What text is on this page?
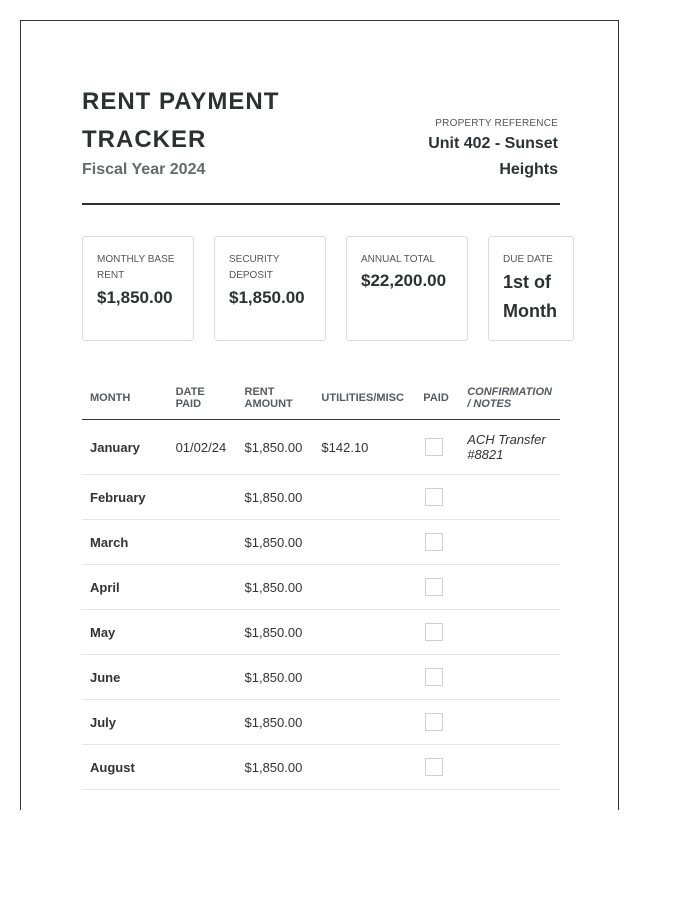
RENT PAYMENT TRACKER
Fiscal Year 2024
PROPERTY REFERENCE
Unit 402 - Sunset Heights
MONTHLY BASE RENT
$1,850.00
SECURITY DEPOSIT
$1,850.00
ANNUAL TOTAL
$22,200.00
DUE DATE
1st of Month
MONTH	DATE PAID	RENT AMOUNT	UTILITIES/MISC	PAID	CONFIRMATION / NOTES
January	01/02/24	$1,850.00	$142.10		ACH Transfer #8821
February		$1,850.00			
March		$1,850.00			
April		$1,850.00			
May		$1,850.00			
June		$1,850.00			
July		$1,850.00			
August		$1,850.00			
